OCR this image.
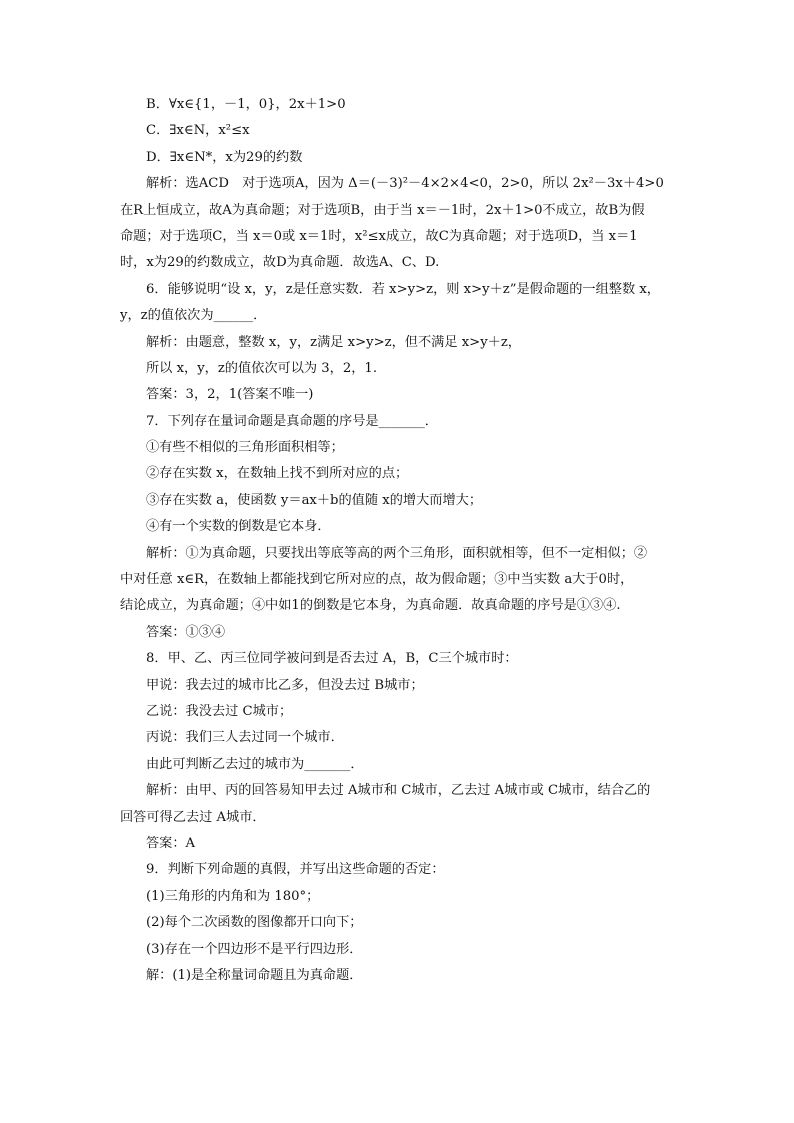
B．∀x∈{1，－1，0}，2x＋1>0
C．∃x∈N，x²≤x
D．∃x∈N*，x为29的约数
解析：选ACD　对于选项A，因为 Δ＝(－3)²－4×2×4<0，2>0，所以 2x²－3x＋4>0
在R上恒成立，故A为真命题；对于选项B，由于当 x＝－1时，2x＋1>0不成立，故B为假
命题；对于选项C，当 x＝0或 x＝1时，x²≤x成立，故C为真命题；对于选项D，当 x＝1
时，x为29的约数成立，故D为真命题．故选A、C、D.
6．能够说明“设 x，y，z是任意实数．若 x>y>z，则 x>y＋z”是假命题的一组整数 x，
y，z的值依次为______．
解析：由题意，整数 x，y，z满足 x>y>z，但不满足 x>y＋z，
所以 x，y，z的值依次可以为 3，2，1.
答案：3，2，1(答案不唯一)
7．下列存在量词命题是真命题的序号是_______．
①有些不相似的三角形面积相等；
②存在实数 x，在数轴上找不到所对应的点；
③存在实数 a，使函数 y＝ax＋b的值随 x的增大而增大；
④有一个实数的倒数是它本身．
解析：①为真命题，只要找出等底等高的两个三角形，面积就相等，但不一定相似；②
中对任意 x∈R，在数轴上都能找到它所对应的点，故为假命题；③中当实数 a大于0时，
结论成立，为真命题；④中如1的倒数是它本身，为真命题．故真命题的序号是①③④.
答案：①③④
8．甲、乙、丙三位同学被问到是否去过 A，B，C三个城市时：
甲说：我去过的城市比乙多，但没去过 B城市；
乙说：我没去过 C城市；
丙说：我们三人去过同一个城市．
由此可判断乙去过的城市为_______．
解析：由甲、丙的回答易知甲去过 A城市和 C城市，乙去过 A城市或 C城市，结合乙的
回答可得乙去过 A城市．
答案：A
9．判断下列命题的真假，并写出这些命题的否定：
(1)三角形的内角和为 180°；
(2)每个二次函数的图像都开口向下；
(3)存在一个四边形不是平行四边形．
解：(1)是全称量词命题且为真命题．
